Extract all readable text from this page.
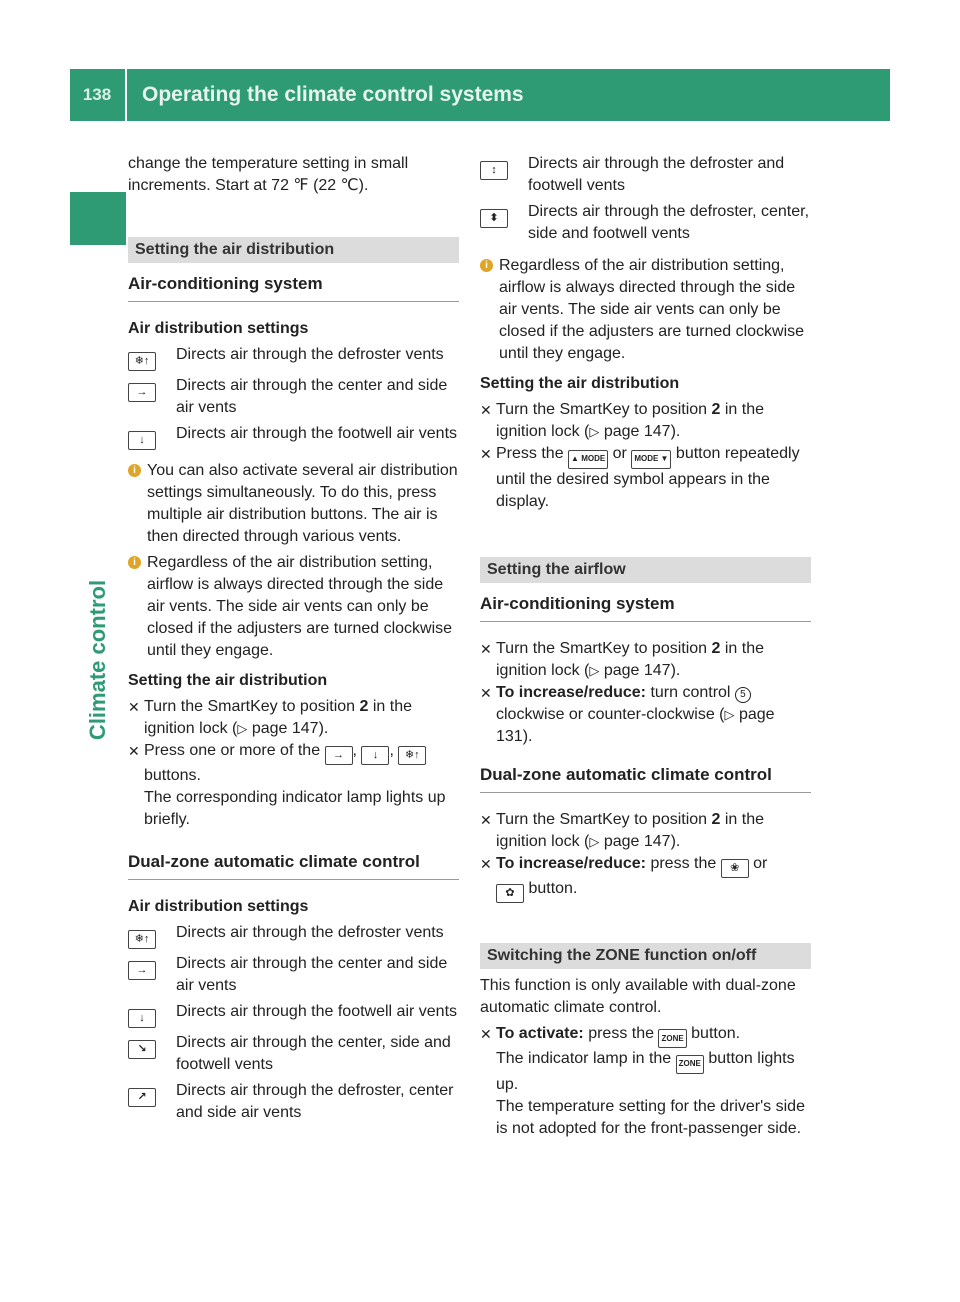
138	Operating the climate control systems
Climate control

change the temperature setting in small

increments. Start at 72 ℉ (22 ℃).

Setting the air distribution
Air-conditioning system

Air distribution settings

❄↑	Directs air through the defroster vents
→	Directs air through the center and side air vents
↓	Directs air through the footwell air vents
i You can also activate several air distribution settings simultaneously. To do this, press multiple air distribution buttons. The air is then directed through various vents.
i Regardless of the air distribution setting, airflow is always directed through the side air vents. The side air vents can only be closed if the adjusters are turned clockwise until they engage.

Setting the air distribution

✕ Turn the SmartKey to position 2 in the ignition lock (▷ page 147).
✕ Press one or more of the → , ↓ , ❄↑ buttons.
The corresponding indicator lamp lights up briefly.
Dual-zone automatic climate control

Air distribution settings

❄↑	Directs air through the defroster vents
→	Directs air through the center and side air vents
↓	Directs air through the footwell air vents
↘	Directs air through the center, side and footwell vents
↗	Directs air through the defroster, center and side air vents
↕	Directs air through the defroster and footwell vents
⬍	Directs air through the defroster, center, side and footwell vents
i Regardless of the air distribution setting, airflow is always directed through the side air vents. The side air vents can only be closed if the adjusters are turned clockwise until they engage.

Setting the air distribution

✕ Turn the SmartKey to position 2 in the ignition lock (▷ page 147).
✕ Press the ▲ MODE or MODE ▼ button repeatedly until the desired symbol appears in the display.
Setting the airflow
Air-conditioning system
✕ Turn the SmartKey to position 2 in the ignition lock (▷ page 147).
✕ To increase/reduce: turn control 5
clockwise or counter-clockwise (▷ page 131).
Dual-zone automatic climate control
✕ Turn the SmartKey to position 2 in the ignition lock (▷ page 147).
✕ To increase/reduce: press the ❀ or
✿ button.
Switching the ZONE function on/off

This function is only available with dual-zone automatic climate control.

✕ To activate: press the ZONE button.
The indicator lamp in the ZONE button lights up.
The temperature setting for the driver's side is not adopted for the front-passenger side.
